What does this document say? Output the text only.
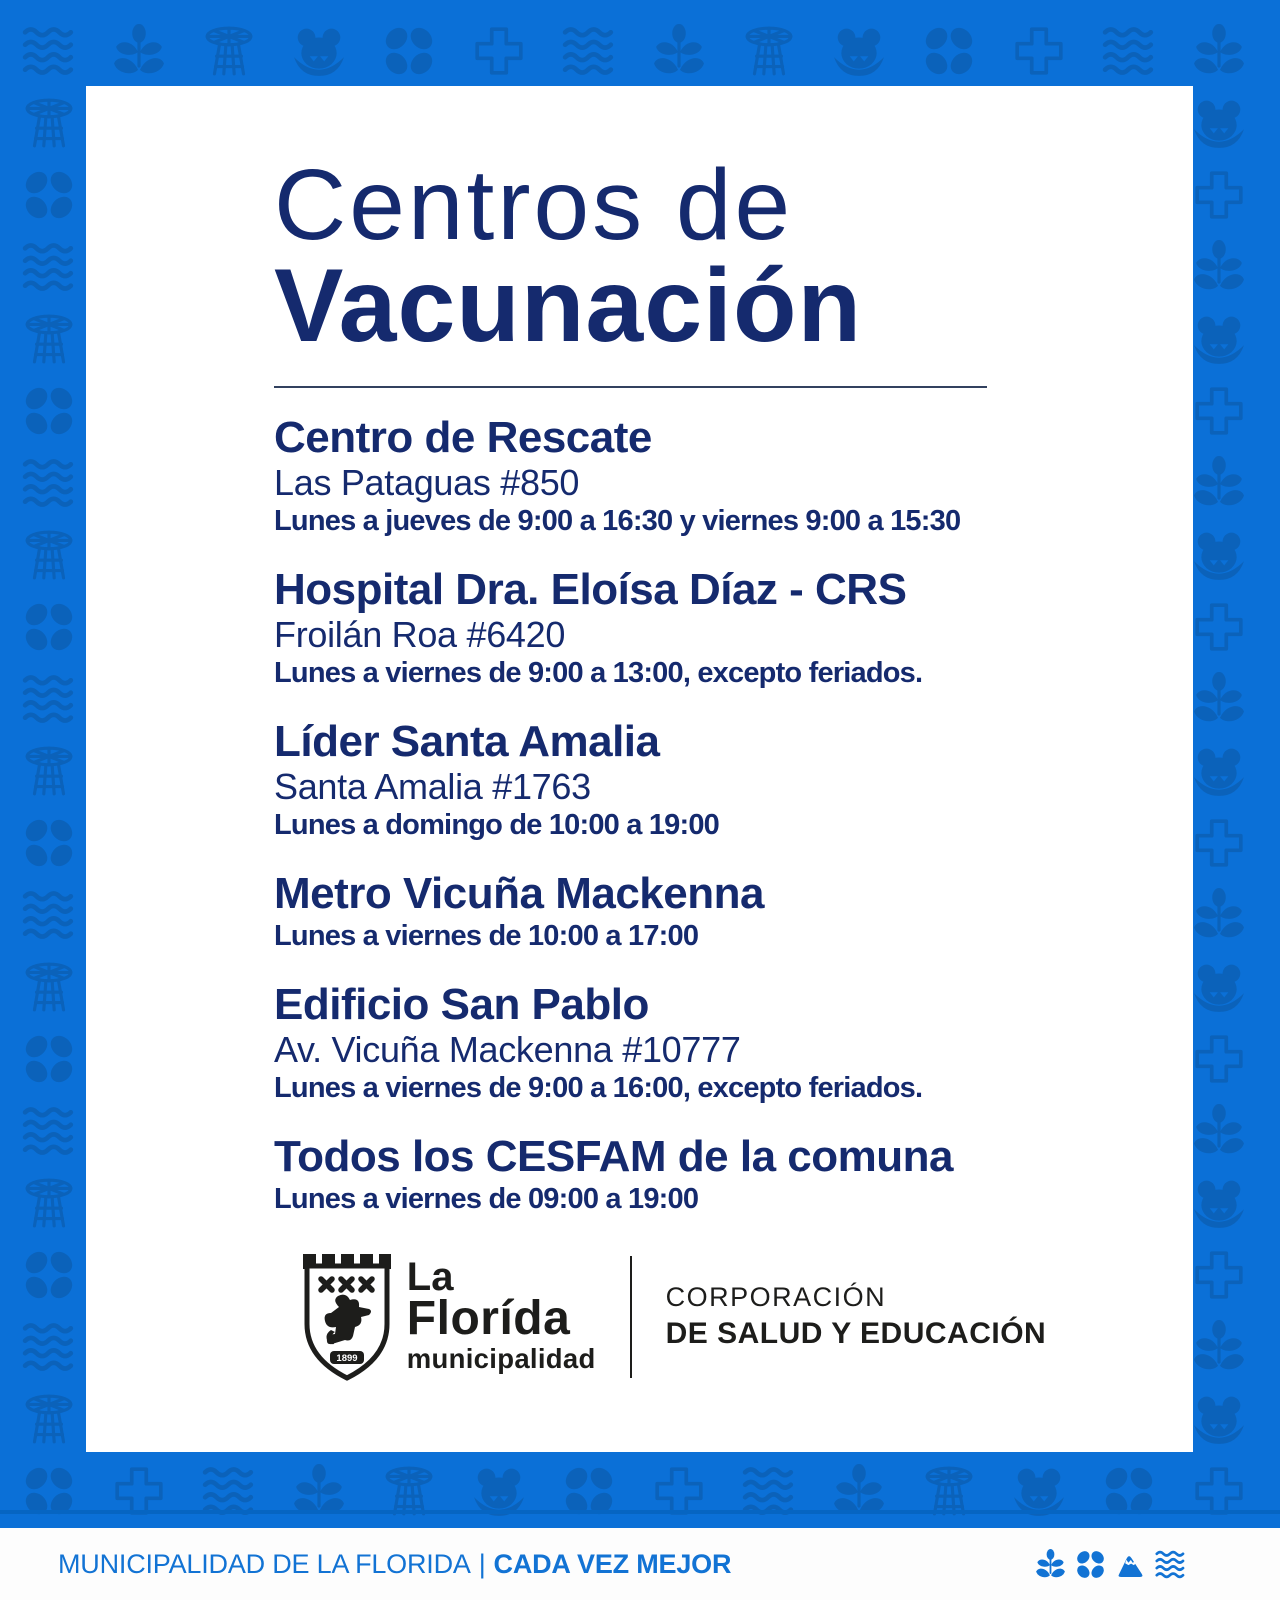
Centros de
Vacunación
Centro de Rescate
Las Pataguas #850
Lunes a jueves de 9:00 a 16:30 y viernes 9:00 a 15:30
Hospital Dra. Eloísa Díaz - CRS
Froilán Roa #6420
Lunes a viernes de 9:00 a 13:00, excepto feriados.
Líder Santa Amalia
Santa Amalia #1763
Lunes a domingo de 10:00 a 19:00
Metro Vicuña Mackenna
Lunes a viernes de 10:00 a 17:00
Edificio San Pablo
Av. Vicuña Mackenna #10777
Lunes a viernes de 9:00 a 16:00, excepto feriados.
Todos los CESFAM de la comuna
Lunes a viernes de 09:00 a 19:00
1899
La
Florída
municipalidad
CORPORACIÓN
DE SALUD Y EDUCACIÓN
MUNICIPALIDAD DE LA FLORIDA | CADA VEZ MEJOR
